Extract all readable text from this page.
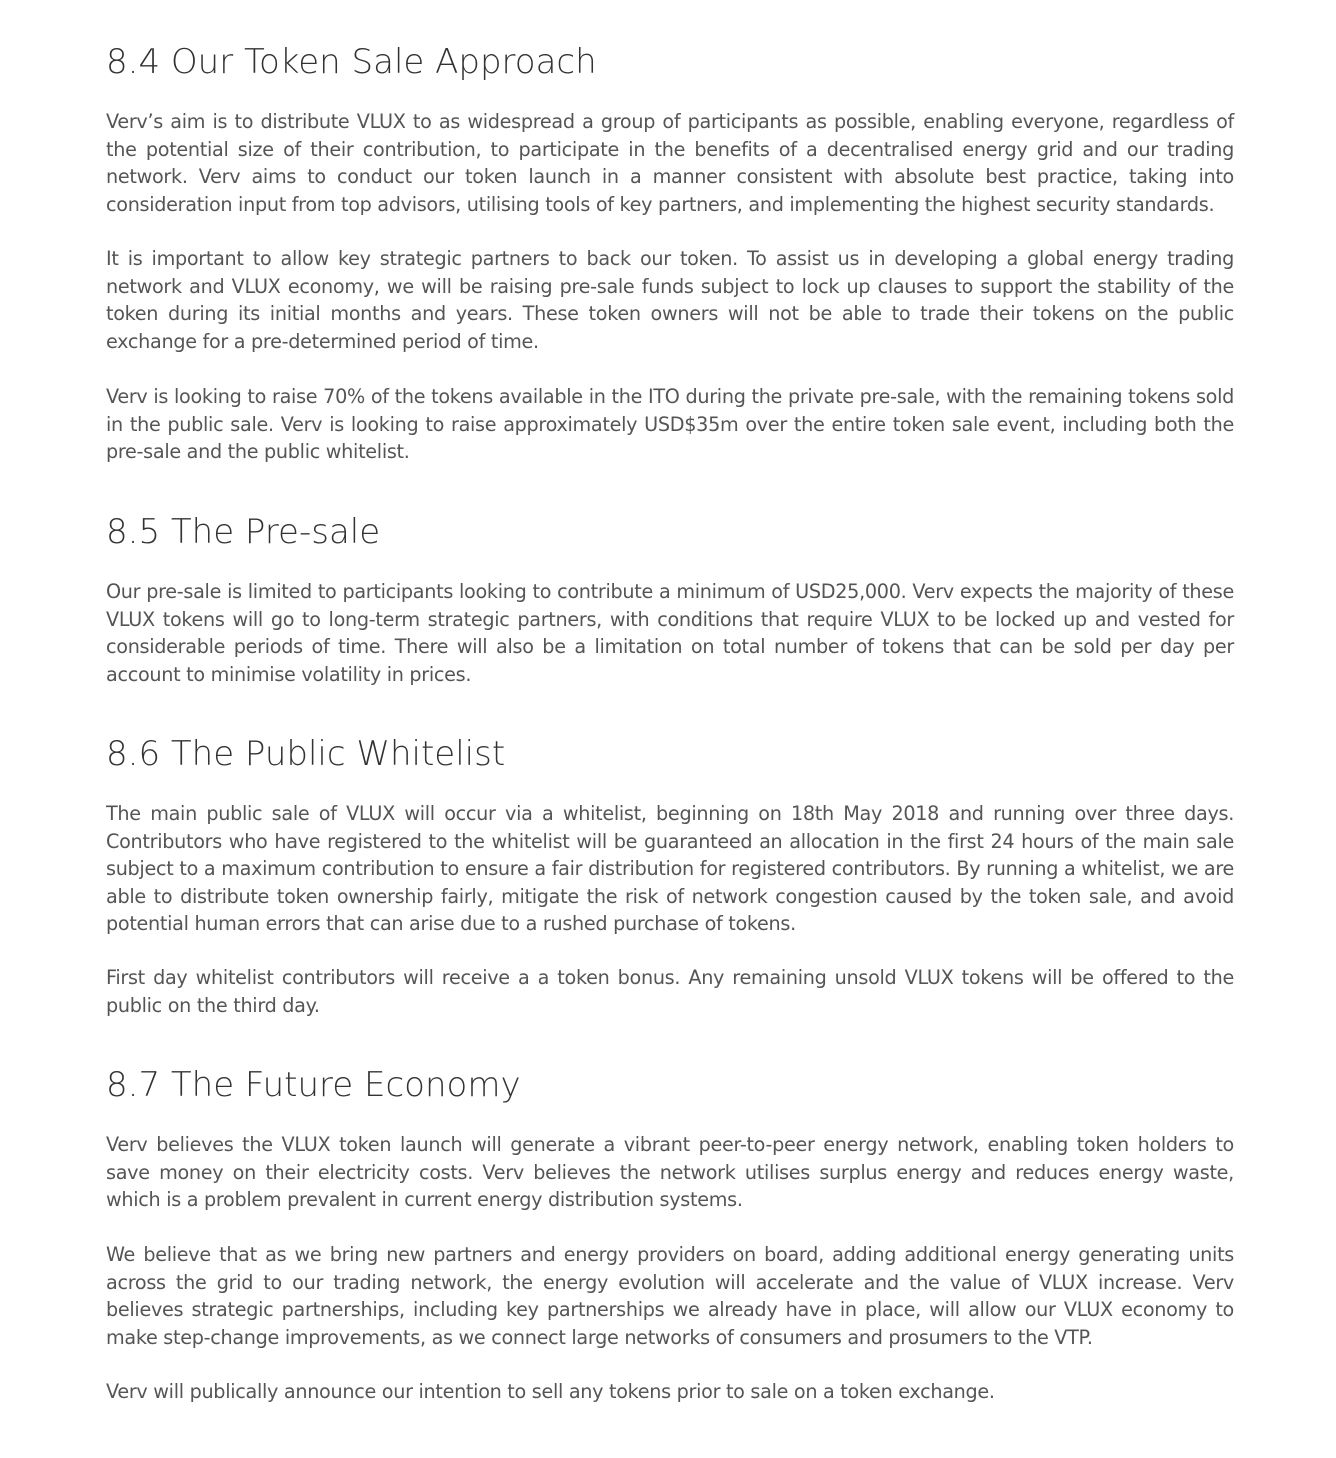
8.4 Our Token Sale Approach

Verv’s aim is to distribute VLUX to as widespread a group of participants as possible, enabling everyone, regardless of the potential size of their contribution, to participate in the benefits of a decentralised energy grid and our trading network. Verv aims to conduct our token launch in a manner consistent with absolute best practice, taking into consideration input from top advisors, utilising tools of key partners, and implementing the highest security standards.

It is important to allow key strategic partners to back our token. To assist us in developing a global energy trading network and VLUX economy, we will be raising pre-sale funds subject to lock up clauses to support the stability of the token during its initial months and years. These token owners will not be able to trade their tokens on the public exchange for a pre-determined period of time.

Verv is looking to raise 70% of the tokens available in the ITO during the private pre-sale, with the remaining tokens sold in the public sale. Verv is looking to raise approximately USD$35m over the entire token sale event, including both the pre-sale and the public whitelist.

8.5 The Pre-sale

Our pre-sale is limited to participants looking to contribute a minimum of USD25,000. Verv expects the majority of these VLUX tokens will go to long-term strategic partners, with conditions that require VLUX to be locked up and vested for considerable periods of time. There will also be a limitation on total number of tokens that can be sold per day per account to minimise volatility in prices.

8.6 The Public Whitelist

The main public sale of VLUX will occur via a whitelist, beginning on 18th May 2018 and running over three days. Contributors who have registered to the whitelist will be guaranteed an allocation in the first 24 hours of the main sale subject to a maximum contribution to ensure a fair distribution for registered contributors. By running a whitelist, we are able to distribute token ownership fairly, mitigate the risk of network congestion caused by the token sale, and avoid potential human errors that can arise due to a rushed purchase of tokens.

First day whitelist contributors will receive a a token bonus. Any remaining unsold VLUX tokens will be offered to the public on the third day.

8.7 The Future Economy

Verv believes the VLUX token launch will generate a vibrant peer-to-peer energy network, enabling token holders to save money on their electricity costs. Verv believes the network utilises surplus energy and reduces energy waste, which is a problem prevalent in current energy distribution systems.

We believe that as we bring new partners and energy providers on board, adding additional energy generating units across the grid to our trading network, the energy evolution will accelerate and the value of VLUX increase. Verv believes strategic partnerships, including key partnerships we already have in place, will allow our VLUX economy to make step-change improvements, as we connect large networks of consumers and prosumers to the VTP.

Verv will publically announce our intention to sell any tokens prior to sale on a token exchange.
